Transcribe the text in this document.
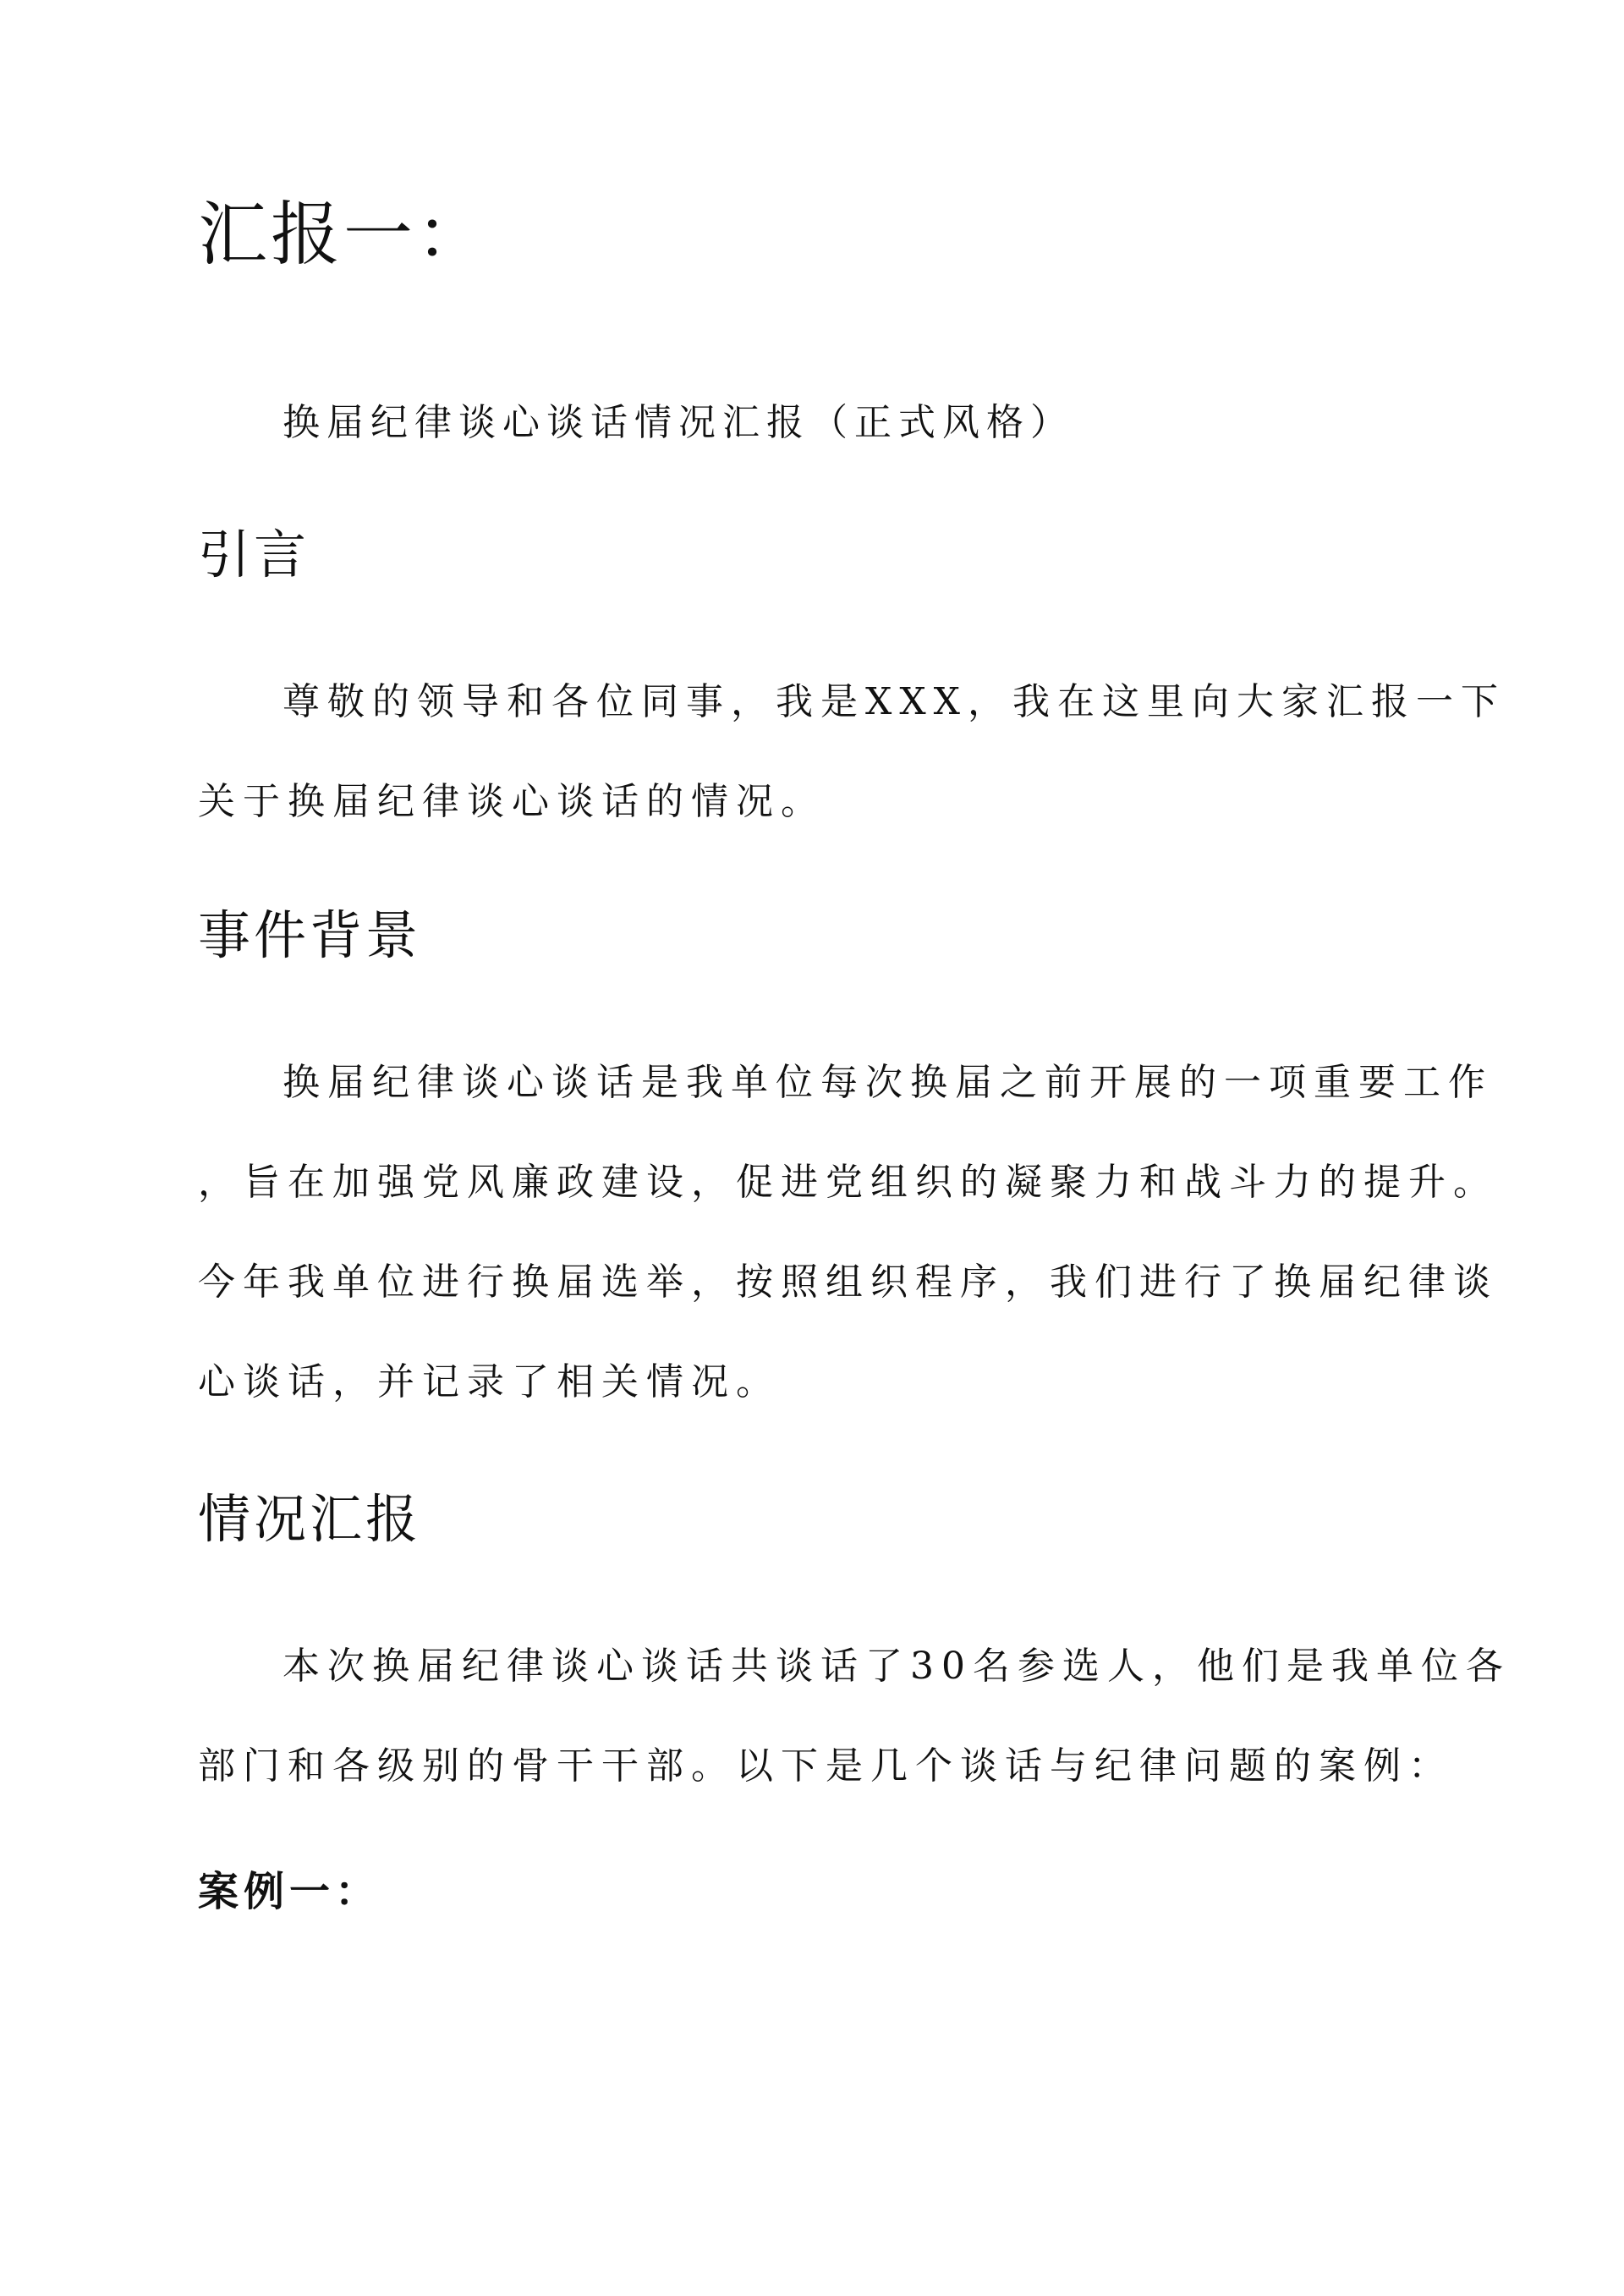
汇报一：

换届纪律谈心谈话情况汇报（正式风格）

引言

尊敬的领导和各位同事，我是XXX，我在这里向大家汇报一下

关于换届纪律谈心谈话的情况。

事件背景

换届纪律谈心谈话是我单位每次换届之前开展的一项重要工作

，旨在加强党风廉政建设，促进党组织的凝聚力和战斗力的提升。

今年我单位进行换届选举，按照组织程序，我们进行了换届纪律谈

心谈话，并记录了相关情况。

情况汇报

本次换届纪律谈心谈话共谈话了30名参选人，他们是我单位各

部门和各级别的骨干干部。以下是几个谈话与纪律问题的案例：

案例一：
